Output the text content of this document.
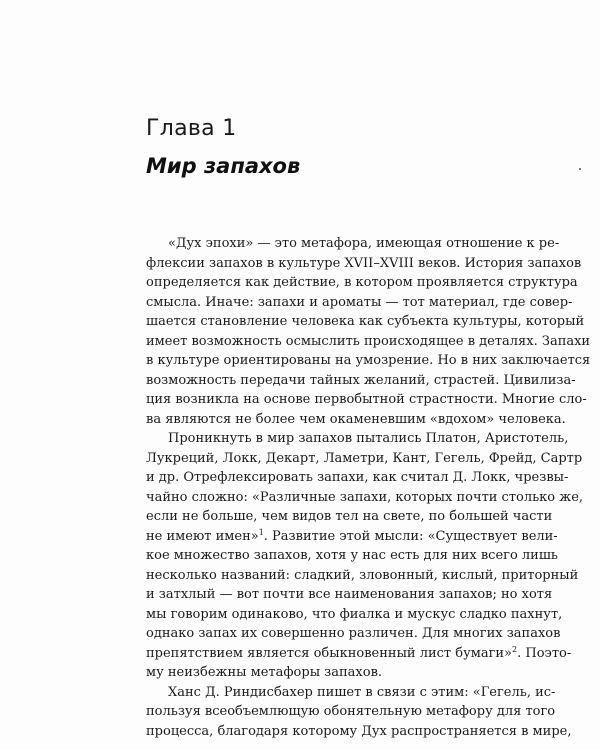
Глава 1
Мир запахов
«Дух эпохи» — это метафора, имеющая отношение к ре-
флексии запахов в культуре XVII–XVIII веков. История запахов
определяется как действие, в котором проявляется структура
смысла. Иначе: запахи и ароматы — тот материал, где совер-
шается становление человека как субъекта культуры, который
имеет возможность осмыслить происходящее в деталях. Запахи
в культуре ориентированы на умозрение. Но в них заключается
возможность передачи тайных желаний, страстей. Цивилиза-
ция возникла на основе первобытной страстности. Многие сло-
ва являются не более чем окаменевшим «вдохом» человека.
Проникнуть в мир запахов пытались Платон, Аристотель,
Лукреций, Локк, Декарт, Ламетри, Кант, Гегель, Фрейд, Сартр
и др. Отрефлексировать запахи, как считал Д. Локк, чрезвы-
чайно сложно: «Различные запахи, которых почти столько же,
если не больше, чем видов тел на свете, по большей части
не имеют имен»$^1$. Развитие этой мысли: «Существует вели-
кое множество запахов, хотя у нас есть для них всего лишь
несколько названий: сладкий, зловонный, кислый, приторный
и затхлый — вот почти все наименования запахов; но хотя
мы говорим одинаково, что фиалка и мускус сладко пахнут,
однако запах их совершенно различен. Для многих запахов
препятствием является обыкновенный лист бумаги»$^2$. Поэто-
му неизбежны метафоры запахов.
Ханс Д. Риндисбахер пишет в связи с этим: «Гегель, ис-
пользуя всеобъемлющую обонятельную метафору для того
процесса, благодаря которому Дух распространяется в мире,
